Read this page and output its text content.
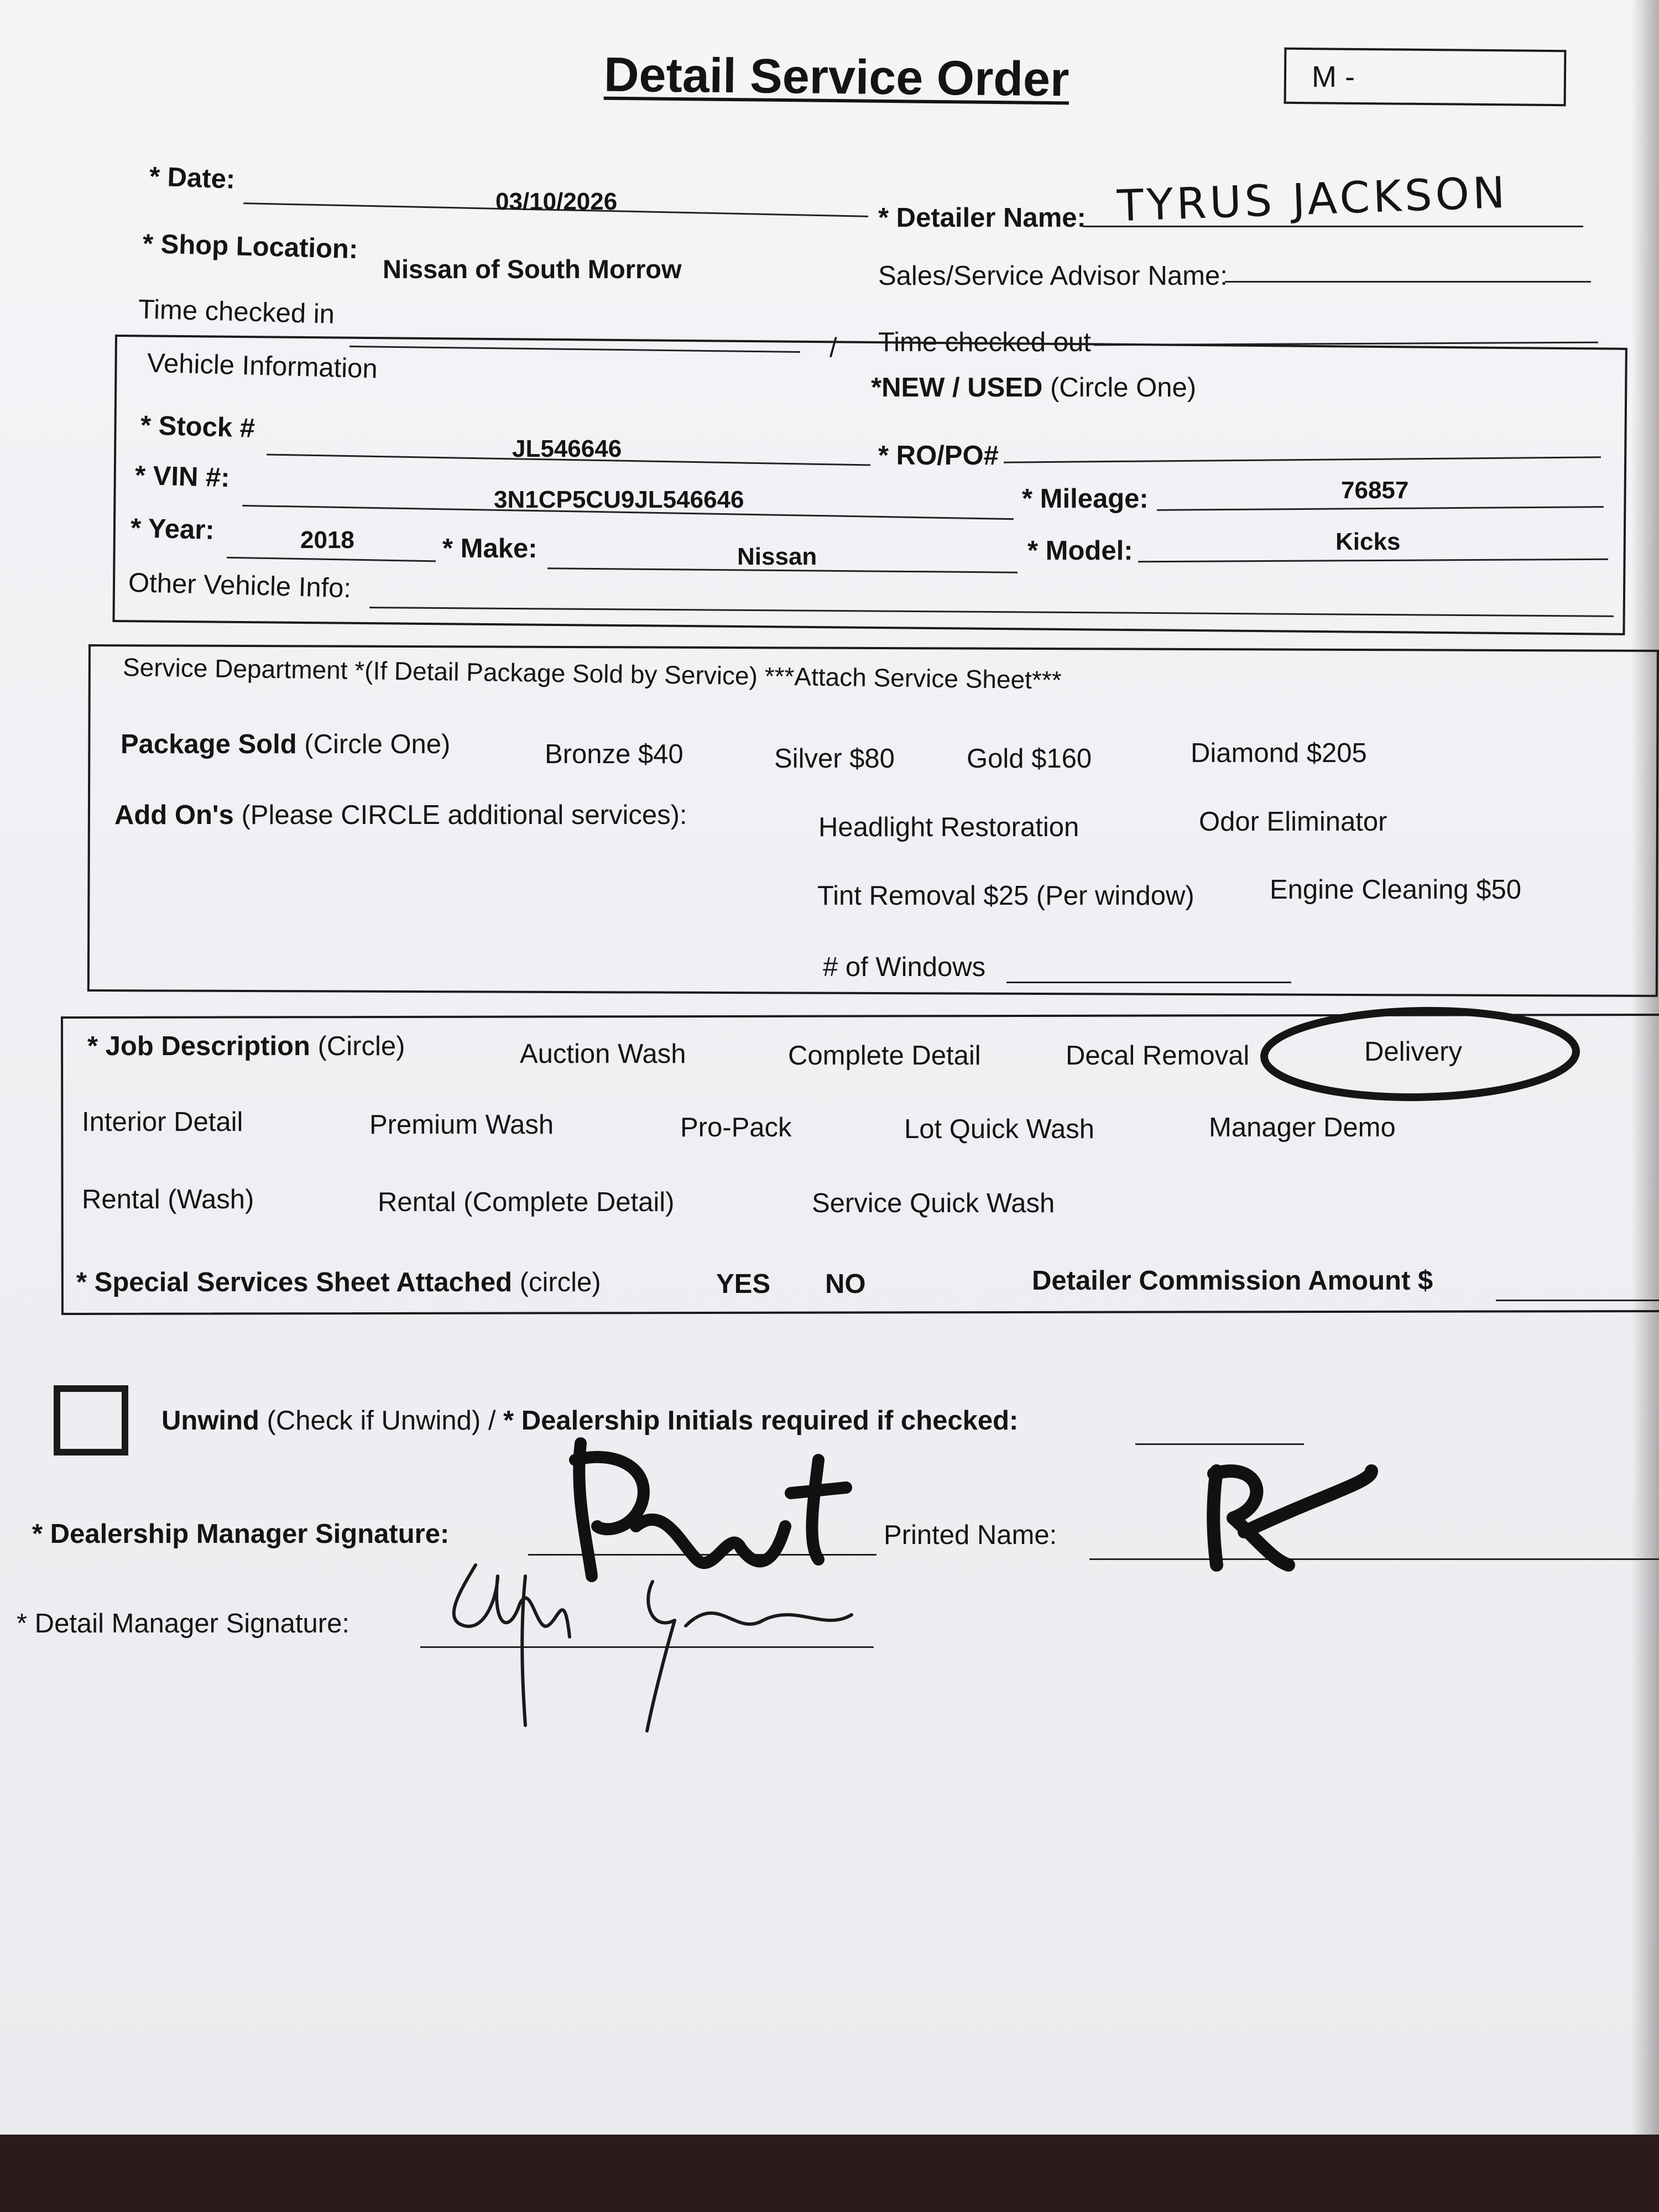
Detail Service Order	M -
* Date:
03/10/2026
* Detailer Name: TYRUS JACKSON
* Shop Location:
Nissan of South Morrow	Sales/Service Advisor Name:
Time checked in
/ Time checked out
Vehicle Information
*NEW / USED (Circle One)
* Stock #
JL546646	* RO/PO#
* VIN #:
3N1CP5CU9JL546646	* Mileage:	76857
* Year:	2018	* Make:	Nissan	* Model:	Kicks
Other Vehicle Info:
Service Department *(If Detail Package Sold by Service) ***Attach Service Sheet***
Package Sold (Circle One)	Bronze $40	Silver $80	Gold $160	Diamond $205
Add On's (Please CIRCLE additional services):	Headlight Restoration	Odor Eliminator
Tint Removal $25 (Per window)	Engine Cleaning $50
# of Windows
* Job Description (Circle)	Auction Wash	Complete Detail	Decal Removal	Delivery
Interior Detail	Premium Wash	Pro-Pack	Lot Quick Wash	Manager Demo
Rental (Wash)	Rental (Complete Detail)	Service Quick Wash
* Special Services Sheet Attached (circle)	YES NO	Detailer Commission Amount $
Unwind (Check if Unwind) / * Dealership Initials required if checked:
* Dealership Manager Signature:	Printed Name:
* Detail Manager Signature:
